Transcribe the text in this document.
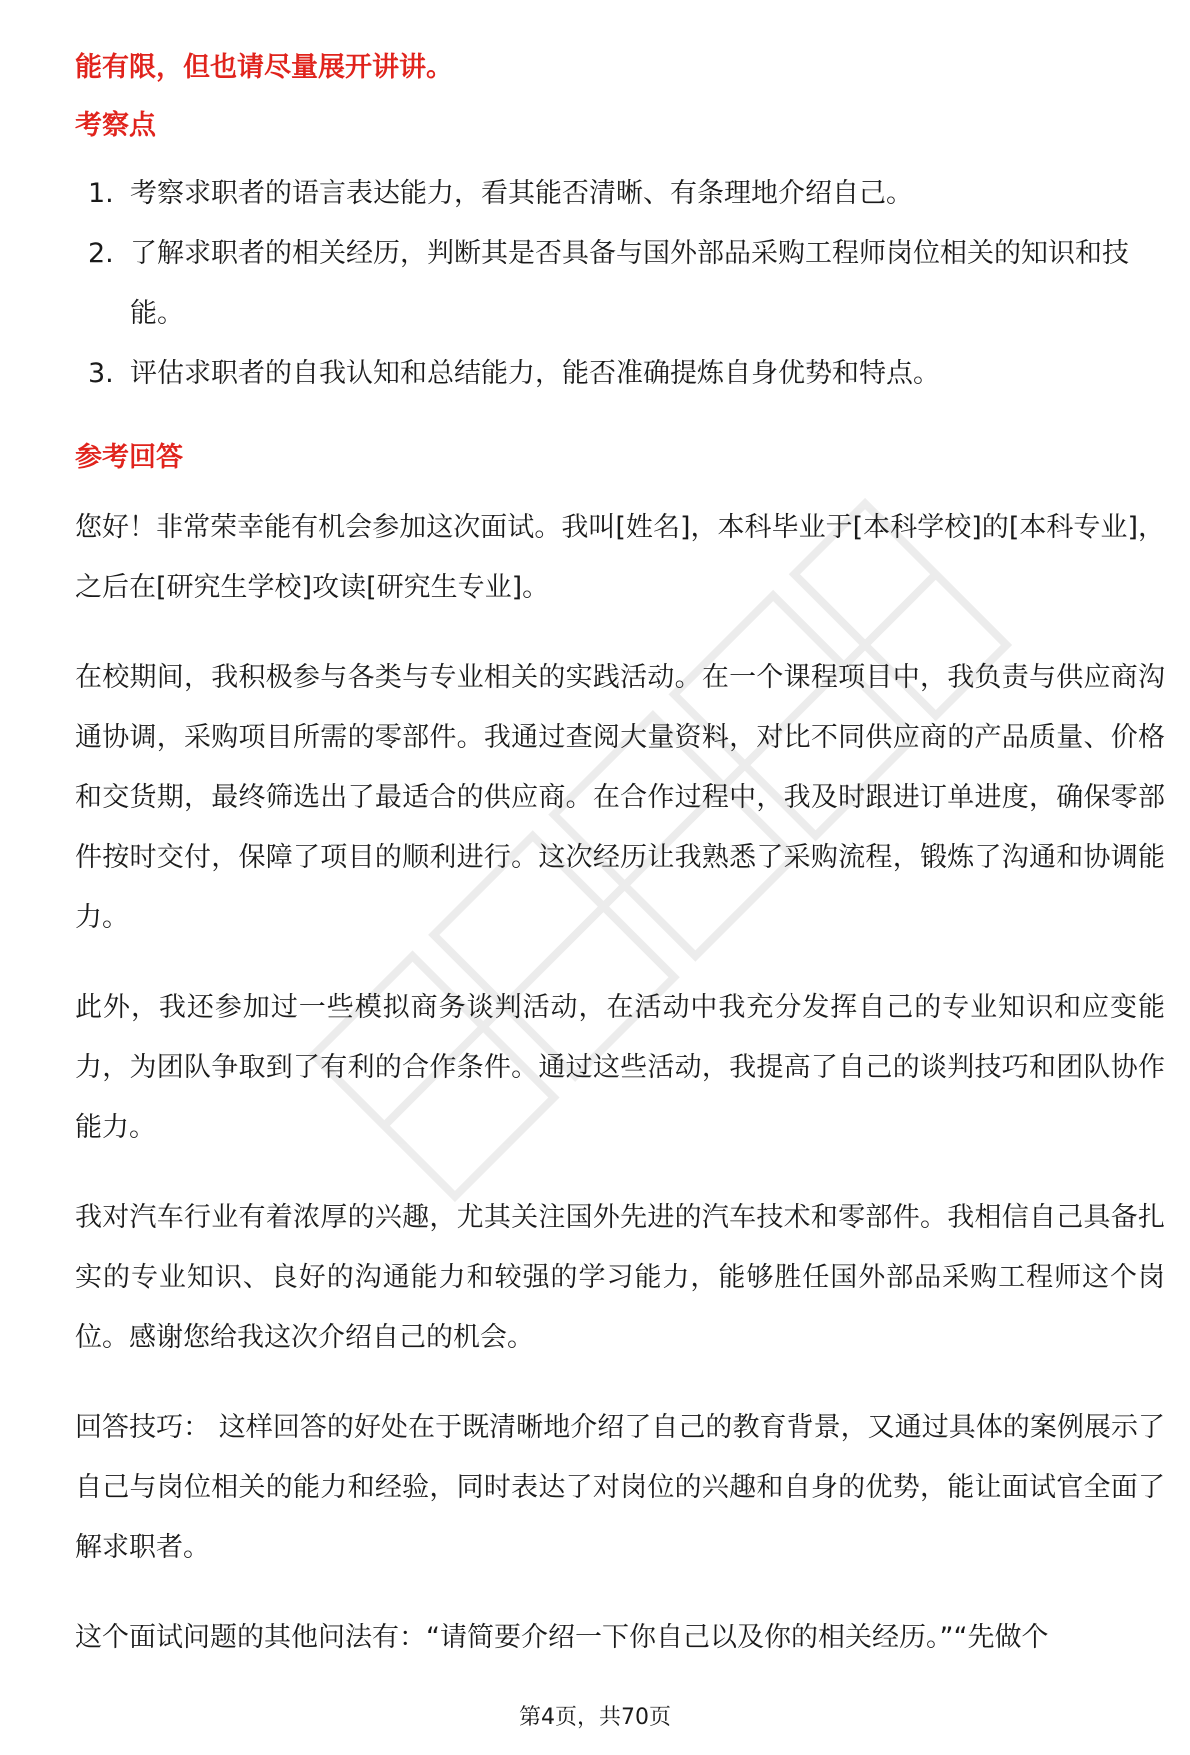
能有限，但也请尽量展开讲讲。

考察点
1. 考察求职者的语言表达能力，看其能否清晰、有条理地介绍自己。
2. 了解求职者的相关经历，判断其是否具备与国外部品采购工程师岗位相关的知识和技能。
3. 评估求职者的自我认知和总结能力，能否准确提炼自身优势和特点。
参考回答

您好！非常荣幸能有机会参加这次面试。我叫[姓名]，本科毕业于[本科学校]的[本科专业]，之后在[研究生学校]攻读[研究生专业]。

在校期间，我积极参与各类与专业相关的实践活动。在一个课程项目中，我负责与供应商沟通协调，采购项目所需的零部件。我通过查阅大量资料，对比不同供应商的产品质量、价格和交货期，最终筛选出了最适合的供应商。在合作过程中，我及时跟进订单进度，确保零部件按时交付，保障了项目的顺利进行。这次经历让我熟悉了采购流程，锻炼了沟通和协调能力。

此外，我还参加过一些模拟商务谈判活动，在活动中我充分发挥自己的专业知识和应变能力，为团队争取到了有利的合作条件。通过这些活动，我提高了自己的谈判技巧和团队协作能力。

我对汽车行业有着浓厚的兴趣，尤其关注国外先进的汽车技术和零部件。我相信自己具备扎实的专业知识、良好的沟通能力和较强的学习能力，能够胜任国外部品采购工程师这个岗位。感谢您给我这次介绍自己的机会。

回答技巧： 这样回答的好处在于既清晰地介绍了自己的教育背景，又通过具体的案例展示了自己与岗位相关的能力和经验，同时表达了对岗位的兴趣和自身的优势，能让面试官全面了解求职者。

这个面试问题的其他问法有：“请简要介绍一下你自己以及你的相关经历。”“先做个

第4页，共70页
